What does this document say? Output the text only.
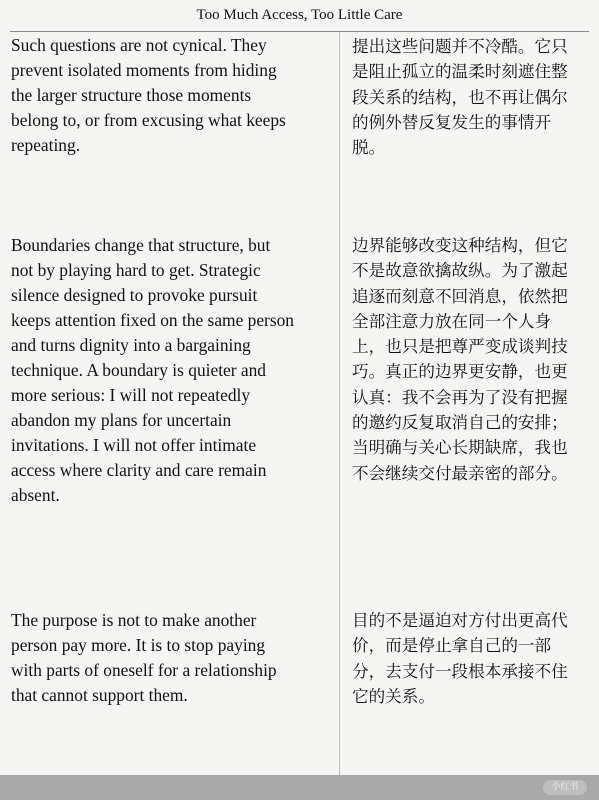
Too Much Access, Too Little Care
Such questions are not cynical. They
prevent isolated moments from hiding
the larger structure those moments
belong to, or from excusing what keeps
repeating.
提出这些问题并不冷酷。它只
是阻止孤立的温柔时刻遮住整
段关系的结构，也不再让偶尔
的例外替反复发生的事情开
脱。
Boundaries change that structure, but
not by playing hard to get. Strategic
silence designed to provoke pursuit
keeps attention fixed on the same person
and turns dignity into a bargaining
technique. A boundary is quieter and
more serious: I will not repeatedly
abandon my plans for uncertain
invitations. I will not offer intimate
access where clarity and care remain
absent.
边界能够改变这种结构，但它
不是故意欲擒故纵。为了激起
追逐而刻意不回消息，依然把
全部注意力放在同一个人身
上，也只是把尊严变成谈判技
巧。真正的边界更安静，也更
认真：我不会再为了没有把握
的邀约反复取消自己的安排；
当明确与关心长期缺席，我也
不会继续交付最亲密的部分。
The purpose is not to make another
person pay more. It is to stop paying
with parts of oneself for a relationship
that cannot support them.
目的不是逼迫对方付出更高代
价，而是停止拿自己的一部
分，去支付一段根本承接不住
它的关系。
小红书
